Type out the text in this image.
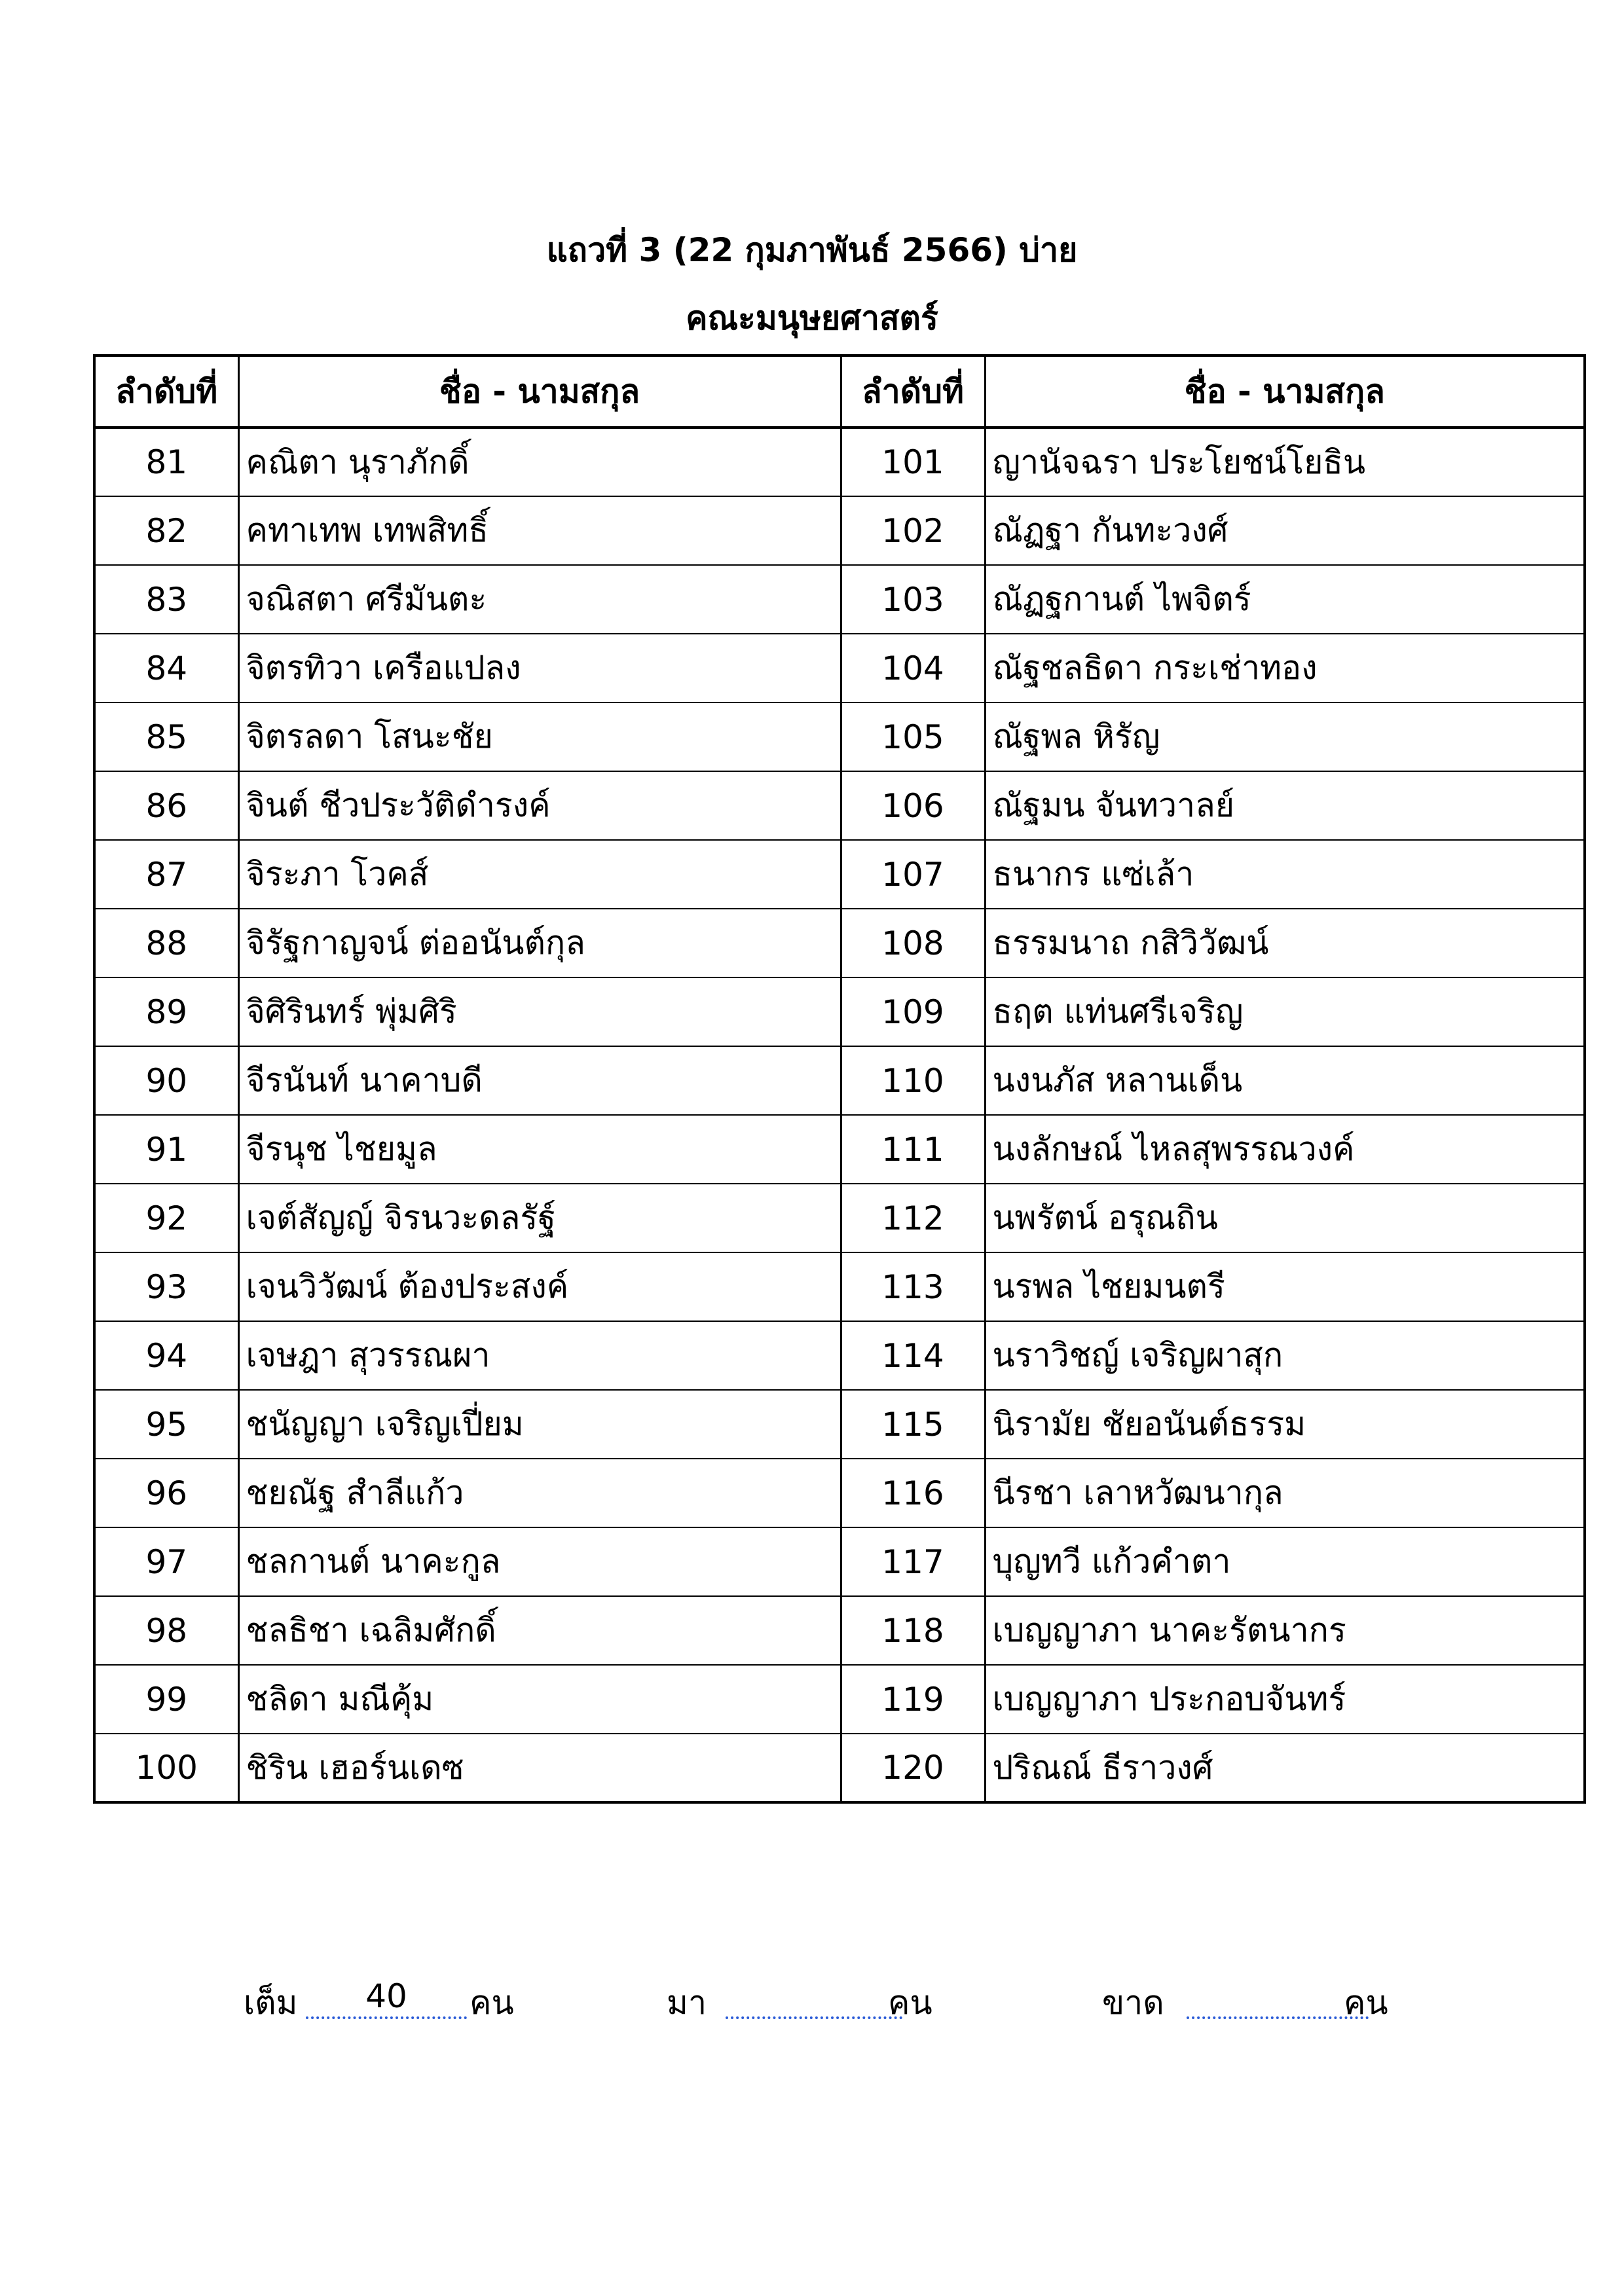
แถวที่ 3 (22 กุมภาพันธ์ 2566) บ่าย
คณะมนุษยศาสตร์
ลำดับที่	ชื่อ - นามสกุล	ลำดับที่	ชื่อ - นามสกุล
81	คณิตา นุราภักดิ์	101	ญานัจฉรา ประโยชน์โยธิน
82	คทาเทพ เทพสิทธิ์	102	ณัฏฐา กันทะวงศ์
83	จณิสตา ศรีมันตะ	103	ณัฏฐกานต์ ไพจิตร์
84	จิตรทิวา เครือแปลง	104	ณัฐชลธิดา กระเช่าทอง
85	จิตรลดา โสนะชัย	105	ณัฐพล หิรัญ
86	จินต์ ชีวประวัติดำรงค์	106	ณัฐมน จันทวาลย์
87	จิระภา โวคส์	107	ธนากร แซ่เล้า
88	จิรัฐกาญจน์ ต่ออนันต์กุล	108	ธรรมนาถ กสิวิวัฒน์
89	จิศิรินทร์ พุ่มศิริ	109	ธฤต แท่นศรีเจริญ
90	จีรนันท์ นาคาบดี	110	นงนภัส หลานเด็น
91	จีรนุช ไชยมูล	111	นงลักษณ์ ไหลสุพรรณวงค์
92	เจต์สัญญ์ จิรนวะดลรัฐ์	112	นพรัตน์ อรุณถิน
93	เจนวิวัฒน์ ต้องประสงค์	113	นรพล ไชยมนตรี
94	เจษฎา สุวรรณผา	114	นราวิชญ์ เจริญผาสุก
95	ชนัญญา เจริญเปี่ยม	115	นิรามัย ชัยอนันต์ธรรม
96	ชยณัฐ สำลีแก้ว	116	นีรชา เลาหวัฒนากุล
97	ชลกานต์ นาคะกูล	117	บุญทวี แก้วคำตา
98	ชลธิชา เฉลิมศักดิ์	118	เบญญาภา นาคะรัตนากร
99	ชลิดา มณีคุ้ม	119	เบญญาภา ประกอบจันทร์
100	ชิริน เฮอร์นเดซ	120	ปริณณ์ ธีราวงศ์
เต็ม	40	คน	มา	คน	ขาด	คน
